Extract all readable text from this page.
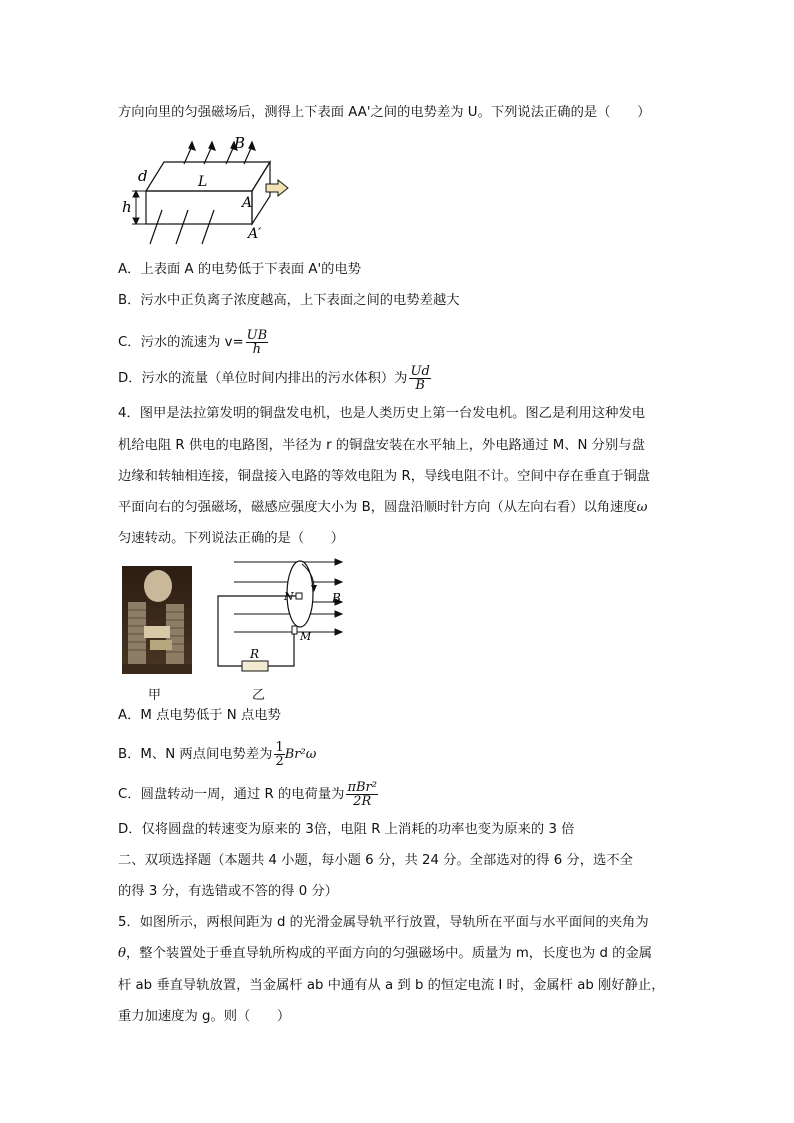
方向向里的匀强磁场后，测得上下表面 AA'之间的电势差为 U。下列说法正确的是（　　）
B
d	L
h	A
A′
A．上表面 A 的电势低于下表面 A'的电势
B．污水中正负离子浓度越高，上下表面之间的电势差越大
C．污水的流速为 $v= \frac{UB}{h}$
D．污水的流量（单位时间内排出的污水体积）为 $\frac{Ud}{B}$
4．图甲是法拉第发明的铜盘发电机，也是人类历史上第一台发电机。图乙是利用这种发电
机给电阻 R 供电的电路图，半径为 r 的铜盘安装在水平轴上，外电路通过 M、N 分别与盘
边缘和转轴相连接，铜盘接入电路的等效电阻为 R，导线电阻不计。空间中存在垂直于铜盘
平面向右的匀强磁场，磁感应强度大小为 B，圆盘沿顺时针方向（从左向右看）以角速度ω
匀速转动。下列说法正确的是（　　）
甲
R
N
M
B
乙
A．M 点电势低于 N 点电势
B．M、N 两点间电势差为 $\frac{1}{2} Br^2\omega$
C．圆盘转动一周，通过 R 的电荷量为 $\frac{\text{πBr²}}{2R}$
D．仅将圆盘的转速变为原来的 3倍，电阻 R 上消耗的功率也变为原来的 3 倍
二、双项选择题（本题共 4 小题，每小题 6 分，共 24 分。全部选对的得 6 分，选不全
的得 3 分，有选错或不答的得 0 分）
5．如图所示，两根间距为 d 的光滑金属导轨平行放置，导轨所在平面与水平面间的夹角为
θ，整个装置处于垂直导轨所构成的平面方向的匀强磁场中。质量为 m，长度也为 d 的金属
杆 ab 垂直导轨放置，当金属杆 ab 中通有从 a 到 b 的恒定电流 I 时，金属杆 ab 刚好静止，
重力加速度为 g。则（　　）
